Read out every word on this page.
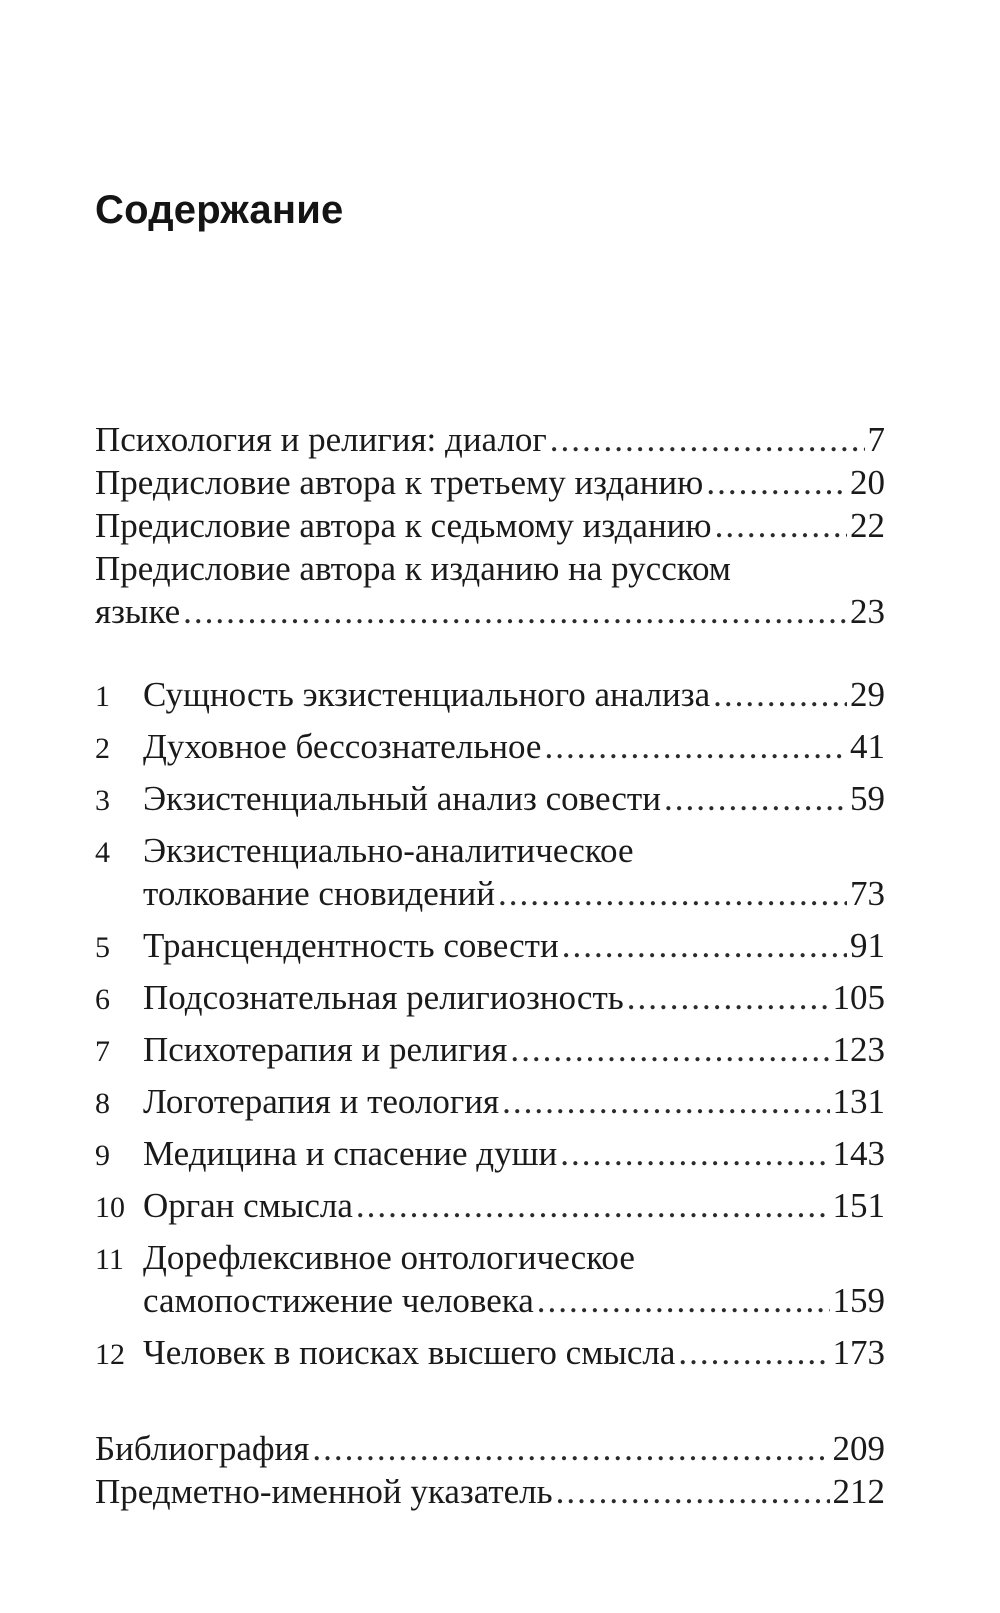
Содержание
Психология и религия: диалог .....	7
Предисловие автора к третьему изданию .....	20
Предисловие автора к седьмому изданию .....	22
Предисловие автора к изданию на русском
языке .....	23
1 Сущность экзистенциального анализа .....	29
2 Духовное бессознательное .....	41
3 Экзистенциальный анализ совести .....	59
4 Экзистенциально-аналитическое
толкование сновидений .....	73
5 Трансцендентность совести .....	91
6 Подсознательная религиозность .....	105
7 Психотерапия и религия .....	123
8 Логотерапия и теология .....	131
9 Медицина и спасение души .....	143
10 Орган смысла .....	151
11 Дорефлексивное онтологическое
самопостижение человека .....	159
12 Человек в поисках высшего смысла .....	173
Библиография .....	209
Предметно-именной указатель .....	212
